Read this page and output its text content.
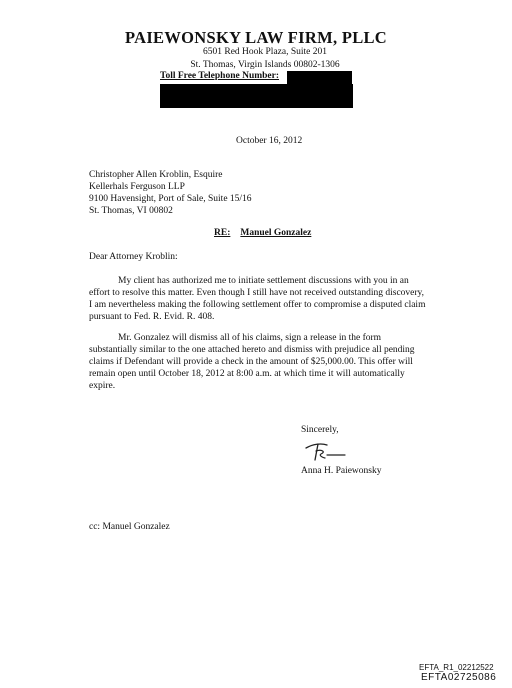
PAIEWONSKY LAW FIRM, PLLC
6501 Red Hook Plaza, Suite 201
St. Thomas, Virgin Islands 00802-1306
Toll Free Telephone Number:
October 16, 2012
Christopher Allen Kroblin, Esquire
Kellerhals Ferguson LLP
9100 Havensight, Port of Sale, Suite 15/16
St. Thomas, VI 00802
RE: Manuel Gonzalez
Dear Attorney Kroblin:
My client has authorized me to initiate settlement discussions with you in an
effort to resolve this matter. Even though I still have not received outstanding discovery,
I am nevertheless making the following settlement offer to compromise a disputed claim
pursuant to Fed. R. Evid. R. 408.
Mr. Gonzalez will dismiss all of his claims, sign a release in the form
substantially similar to the one attached hereto and dismiss with prejudice all pending
claims if Defendant will provide a check in the amount of $25,000.00. This offer will
remain open until October 18, 2012 at 8:00 a.m. at which time it will automatically
expire.
Sincerely,
Anna H. Paiewonsky
cc: Manuel Gonzalez
EFTA_R1_02212522
EFTA02725086
